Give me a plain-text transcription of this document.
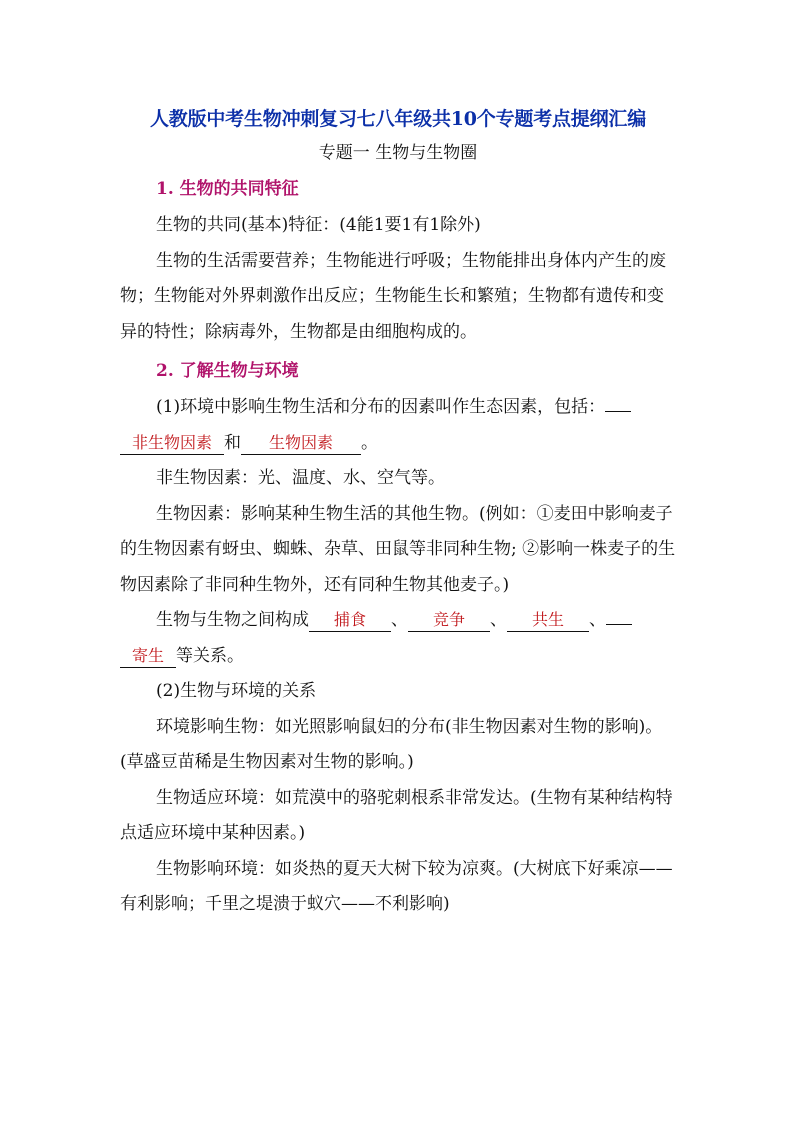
人教版中考生物冲刺复习七八年级共10个专题考点提纲汇编
专题一 生物与生物圈
1. 生物的共同特征

生物的共同(基本)特征：(4能1要1有1除外)

生物的生活需要营养；生物能进行呼吸；生物能排出身体内产生的废物；生物能对外界刺激作出反应；生物能生长和繁殖；生物都有遗传和变异的特性；除病毒外，生物都是由细胞构成的。

2. 了解生物与环境

(1)环境中影响生物生活和分布的因素叫作生态因素，包括：非生物因素 和 生物因素 。

非生物因素：光、温度、水、空气等。

生物因素：影响某种生物生活的其他生物。(例如：①麦田中影响麦子的生物因素有蚜虫、蜘蛛、杂草、田鼠等非同种生物; ②影响一株麦子的生物因素除了非同种生物外，还有同种生物其他麦子。)

生物与生物之间构成 捕食 、 竞争 、 共生 、寄生 等关系。

(2)生物与环境的关系

环境影响生物：如光照影响鼠妇的分布(非生物因素对生物的影响)。

(草盛豆苗稀是生物因素对生物的影响。)

生物适应环境：如荒漠中的骆驼刺根系非常发达。(生物有某种结构特点适应环境中某种因素。)

生物影响环境：如炎热的夏天大树下较为凉爽。(大树底下好乘凉——有利影响；千里之堤溃于蚁穴——不利影响)
